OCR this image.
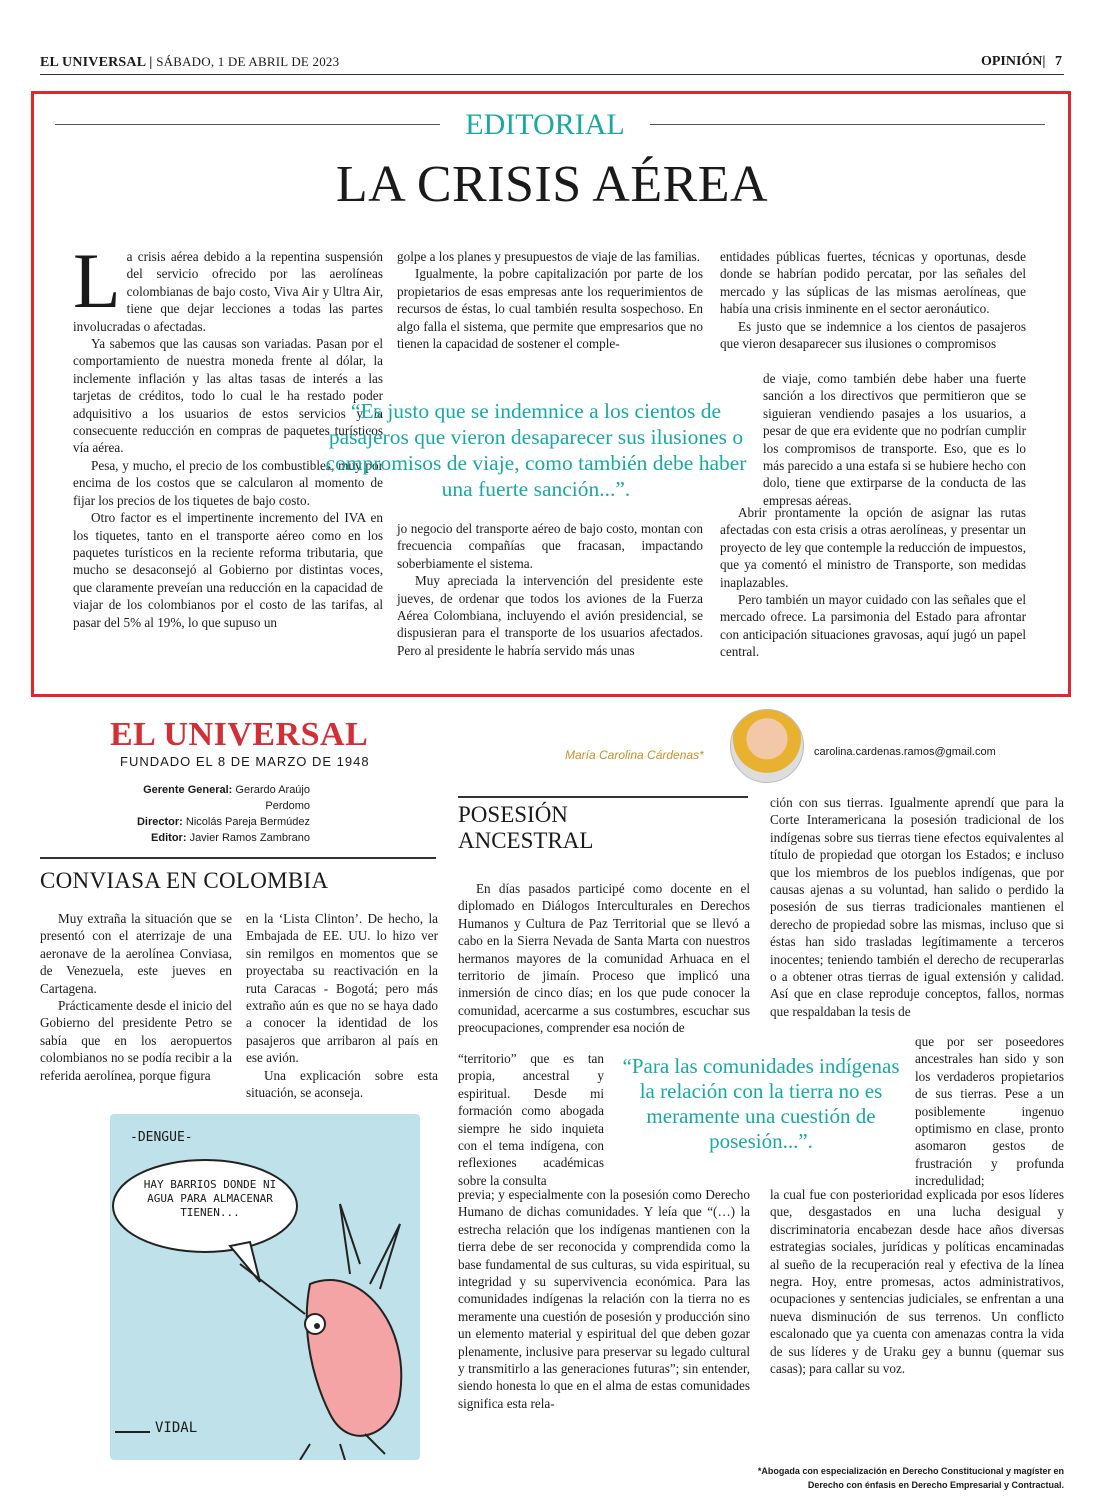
EL UNIVERSAL | SÁBADO, 1 DE ABRIL DE 2023	OPINIÓN| 7
EDITORIAL
LA CRISIS AÉREA

La crisis aérea debido a la repentina suspensión del servicio ofrecido por las aerolíneas colombianas de bajo costo, Viva Air y Ultra Air, tiene que dejar lecciones a todas las partes involucradas o afectadas.

Ya sabemos que las causas son variadas. Pasan por el comportamiento de nuestra moneda frente al dólar, la inclemente inflación y las altas tasas de interés a las tarjetas de créditos, todo lo cual le ha restado poder adquisitivo a los usuarios de estos servicios y la consecuente reducción en compras de paquetes turísticos vía aérea.

Pesa, y mucho, el precio de los combustibles, muy por encima de los costos que se calcularon al momento de fijar los precios de los tiquetes de bajo costo.

Otro factor es el impertinente incremento del IVA en los tiquetes, tanto en el transporte aéreo como en los paquetes turísticos en la reciente reforma tributaria, que mucho se desaconsejó al Gobierno por distintas voces, que claramente preveían una reducción en la capacidad de viajar de los colombianos por el costo de las tarifas, al pasar del 5% al 19%, lo que supuso un

golpe a los planes y presupuestos de viaje de las familias.

Igualmente, la pobre capitalización por parte de los propietarios de esas empresas ante los requerimientos de recursos de éstas, lo cual también resulta sospechoso. En algo falla el sistema, que permite que empresarios que no tienen la capacidad de sostener el comple-

jo negocio del transporte aéreo de bajo costo, montan con frecuencia compañías que fracasan, impactando soberbiamente el sistema.

Muy apreciada la intervención del presidente este jueves, de ordenar que todos los aviones de la Fuerza Aérea Colombiana, incluyendo el avión presidencial, se dispusieran para el transporte de los usuarios afectados. Pero al presidente le habría servido más unas

entidades públicas fuertes, técnicas y oportunas, desde donde se habrían podido percatar, por las señales del mercado y las súplicas de las mismas aerolíneas, que había una crisis inminente en el sector aeronáutico.

Es justo que se indemnice a los cientos de pasajeros que vieron desaparecer sus ilusiones o compromisos

de viaje, como también debe haber una fuerte sanción a los directivos que permitieron que se siguieran vendiendo pasajes a los usuarios, a pesar de que era evidente que no podrían cumplir los compromisos de transporte. Eso, que es lo más parecido a una estafa si se hubiere hecho con dolo, tiene que extirparse de la conducta de las empresas aéreas.

Abrir prontamente la opción de asignar las rutas afectadas con esta crisis a otras aerolíneas, y presentar un proyecto de ley que contemple la reducción de impuestos, que ya comentó el ministro de Transporte, son medidas inaplazables.

Pero también un mayor cuidado con las señales que el mercado ofrece. La parsimonia del Estado para afrontar con anticipación situaciones gravosas, aquí jugó un papel central.

“Es justo que se indemnice a los cientos de pasajeros que vieron desaparecer sus ilusiones o compromisos de viaje, como también debe haber una fuerte sanción...”.
EL UNIVERSAL
FUNDADO EL 8 DE MARZO DE 1948
Gerente General: Gerardo Araújo Perdomo
Director: Nicolás Pareja Bermúdez
Editor: Javier Ramos Zambrano
CONVIASA EN COLOMBIA

Muy extraña la situación que se presentó con el aterrizaje de una aeronave de la aerolínea Conviasa, de Venezuela, este jueves en Cartagena.

Prácticamente desde el inicio del Gobierno del presidente Petro se sabía que en los aeropuertos colombianos no se podía recibir a la referida aerolínea, porque figura

en la ‘Lista Clinton’. De hecho, la Embajada de EE. UU. lo hizo ver sin remilgos en momentos que se proyectaba su reactivación en la ruta Caracas - Bogotá; pero más extraño aún es que no se haya dado a conocer la identidad de los pasajeros que arribaron al país en ese avión.

Una explicación sobre esta situación, se aconseja.

-DENGUE-
HAY BARRIOS DONDE NI AGUA PARA ALMACENAR TIENEN...
VIDAL
María Carolina Cárdenas*	carolina.cardenas.ramos@gmail.com
POSESIÓN
ANCESTRAL

En días pasados participé como docente en el diplomado en Diálogos Interculturales en Derechos Humanos y Cultura de Paz Territorial que se llevó a cabo en la Sierra Nevada de Santa Marta con nuestros hermanos mayores de la comunidad Arhuaca en el territorio de jimaín. Proceso que implicó una inmersión de cinco días; en los que pude conocer la comunidad, acercarme a sus costumbres, escuchar sus preocupaciones, comprender esa noción de

“territorio” que es tan propia, ancestral y espiritual. Desde mi formación como abogada siempre he sido inquieta con el tema indígena, con reflexiones académicas sobre la consulta

previa; y especialmente con la posesión como Derecho Humano de dichas comunidades. Y leía que “(…) la estrecha relación que los indígenas mantienen con la tierra debe de ser reconocida y comprendida como la base fundamental de sus culturas, su vida espiritual, su integridad y su supervivencia económica. Para las comunidades indígenas la relación con la tierra no es meramente una cuestión de posesión y producción sino un elemento material y espiritual del que deben gozar plenamente, inclusive para preservar su legado cultural y transmitirlo a las generaciones futuras”; sin entender, siendo honesta lo que en el alma de estas comunidades significa esta rela-

ción con sus tierras. Igualmente aprendí que para la Corte Interamericana la posesión tradicional de los indígenas sobre sus tierras tiene efectos equivalentes al título de propiedad que otorgan los Estados; e incluso que los miembros de los pueblos indígenas, que por causas ajenas a su voluntad, han salido o perdido la posesión de sus tierras tradicionales mantienen el derecho de propiedad sobre las mismas, incluso que si éstas han sido trasladas legítimamente a terceros inocentes; teniendo también el derecho de recuperarlas o a obtener otras tierras de igual extensión y calidad. Así que en clase reproduje conceptos, fallos, normas que respaldaban la tesis de

que por ser poseedores ancestrales han sido y son los verdaderos propietarios de sus tierras. Pese a un posiblemente ingenuo optimismo en clase, pronto asomaron gestos de frustración y profunda incredulidad;

la cual fue con posterioridad explicada por esos líderes que, desgastados en una lucha desigual y discriminatoria encabezan desde hace años diversas estrategias sociales, jurídicas y políticas encaminadas al sueño de la recuperación real y efectiva de la línea negra. Hoy, entre promesas, actos administrativos, ocupaciones y sentencias judiciales, se enfrentan a una nueva disminución de sus terrenos. Un conflicto escalonado que ya cuenta con amenazas contra la vida de sus líderes y de Uraku gey a bunnu (quemar sus casas); para callar su voz.

“Para las comunidades indígenas la relación con la tierra no es meramente una cuestión de posesión...”.
*Abogada con especialización en Derecho Constitucional y magíster en
Derecho con énfasis en Derecho Empresarial y Contractual.
